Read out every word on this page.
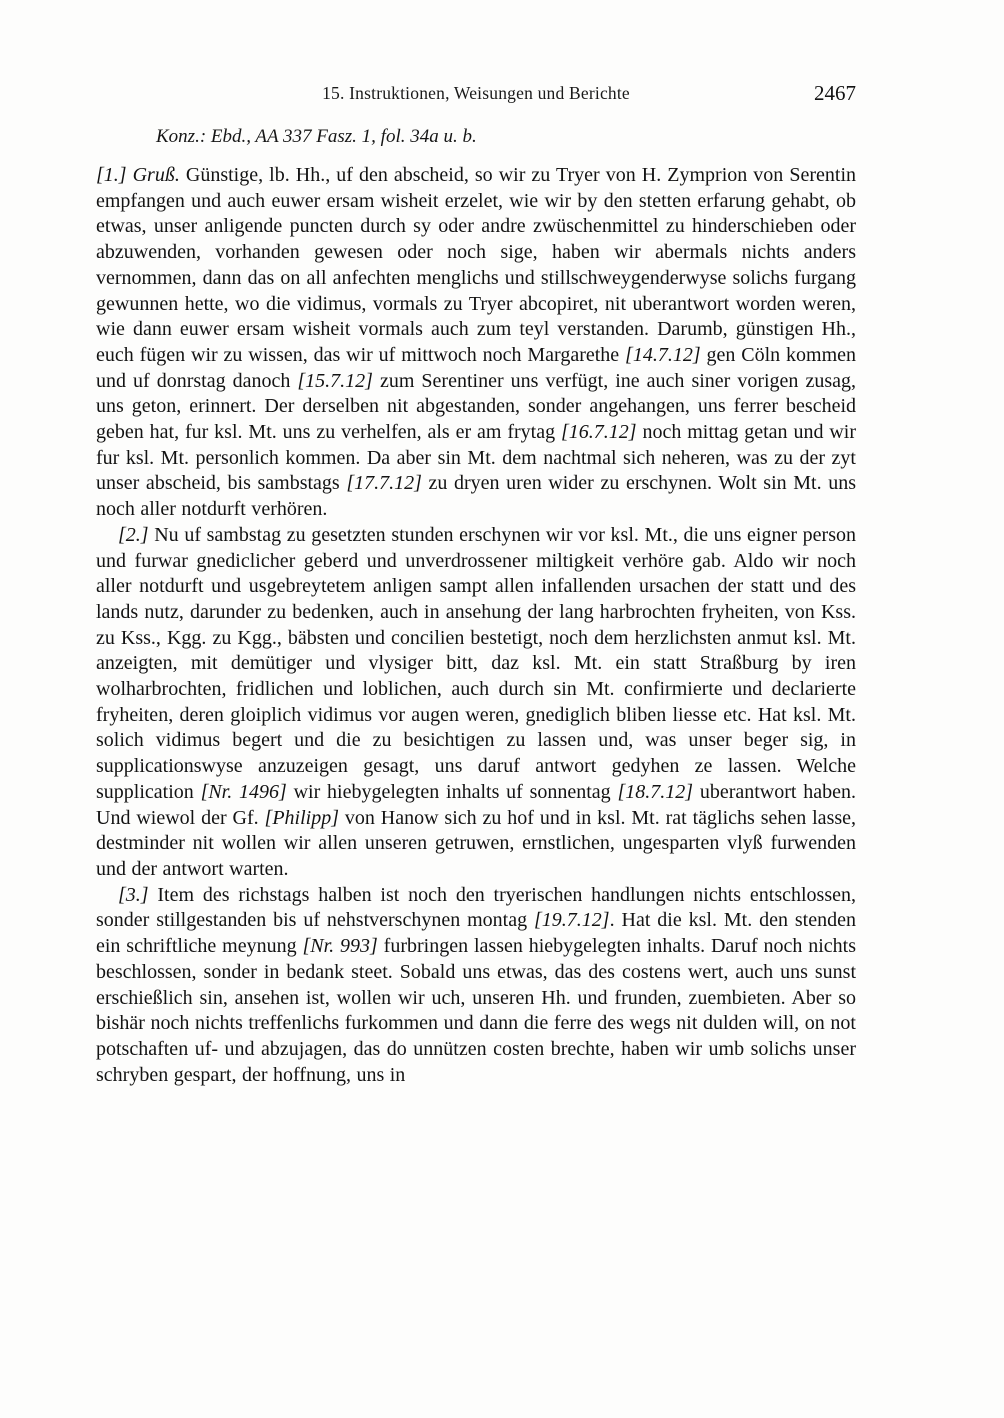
15. Instruktionen, Weisungen und Berichte	2467
Konz.: Ebd., AA 337 Fasz. 1, fol. 34a u. b.

[1.] Gruß. Günstige, lb. Hh., uf den abscheid, so wir zu Tryer von H. Zymprion von Serentin empfangen und auch euwer ersam wisheit erzelet, wie wir by den stetten erfarung gehabt, ob etwas, unser anligende puncten durch sy oder andre zwüschenmittel zu hinderschieben oder abzuwenden, vorhanden gewesen oder noch sige, haben wir abermals nichts anders vernommen, dann das on all anfechten menglichs und stillschweygenderwyse solichs furgang gewunnen hette, wo die vidimus, vormals zu Tryer abcopiret, nit uberantwort worden weren, wie dann euwer ersam wisheit vormals auch zum teyl verstanden. Darumb, günstigen Hh., euch fügen wir zu wissen, das wir uf mittwoch noch Margarethe [14.7.12] gen Cöln kommen und uf donrstag danoch [15.7.12] zum Serentiner uns verfügt, ine auch siner vorigen zusag, uns geton, erinnert. Der derselben nit abgestanden, sonder angehangen, uns ferrer bescheid geben hat, fur ksl. Mt. uns zu verhelfen, als er am frytag [16.7.12] noch mittag getan und wir fur ksl. Mt. personlich kommen. Da aber sin Mt. dem nachtmal sich neheren, was zu der zyt unser abscheid, bis sambstags [17.7.12] zu dryen uren wider zu erschynen. Wolt sin Mt. uns noch aller notdurft verhören.

[2.] Nu uf sambstag zu gesetzten stunden erschynen wir vor ksl. Mt., die uns eigner person und furwar gnediclicher geberd und unverdrossener miltigkeit verhöre gab. Aldo wir noch aller notdurft und usgebreytetem anligen sampt allen infallenden ursachen der statt und des lands nutz, darunder zu bedenken, auch in ansehung der lang harbrochten fryheiten, von Kss. zu Kss., Kgg. zu Kgg., bäbsten und concilien bestetigt, noch dem herzlichsten anmut ksl. Mt. anzeigten, mit demütiger und vlysiger bitt, daz ksl. Mt. ein statt Straßburg by iren wolharbrochten, fridlichen und loblichen, auch durch sin Mt. confirmierte und declarierte fryheiten, deren gloiplich vidimus vor augen weren, gnediglich bliben liesse etc. Hat ksl. Mt. solich vidimus begert und die zu besichtigen zu lassen und, was unser beger sig, in supplicationswyse anzuzeigen gesagt, uns daruf antwort gedyhen ze lassen. Welche supplication [Nr. 1496] wir hiebygelegten inhalts uf sonnentag [18.7.12] uberantwort haben. Und wiewol der Gf. [Philipp] von Hanow sich zu hof und in ksl. Mt. rat täglichs sehen lasse, destminder nit wollen wir allen unseren getruwen, ernstlichen, ungesparten vlyß furwenden und der antwort warten.

[3.] Item des richstags halben ist noch den tryerischen handlungen nichts entschlossen, sonder stillgestanden bis uf nehstverschynen montag [19.7.12]. Hat die ksl. Mt. den stenden ein schriftliche meynung [Nr. 993] furbringen lassen hiebygelegten inhalts. Daruf noch nichts beschlossen, sonder in bedank steet. Sobald uns etwas, das des costens wert, auch uns sunst erschießlich sin, ansehen ist, wollen wir uch, unseren Hh. und frunden, zuembieten. Aber so bishär noch nichts treffenlichs furkommen und dann die ferre des wegs nit dulden will, on not potschaften uf- und abzujagen, das do unnützen costen brechte, haben wir umb solichs unser schryben gespart, der hoffnung, uns in
